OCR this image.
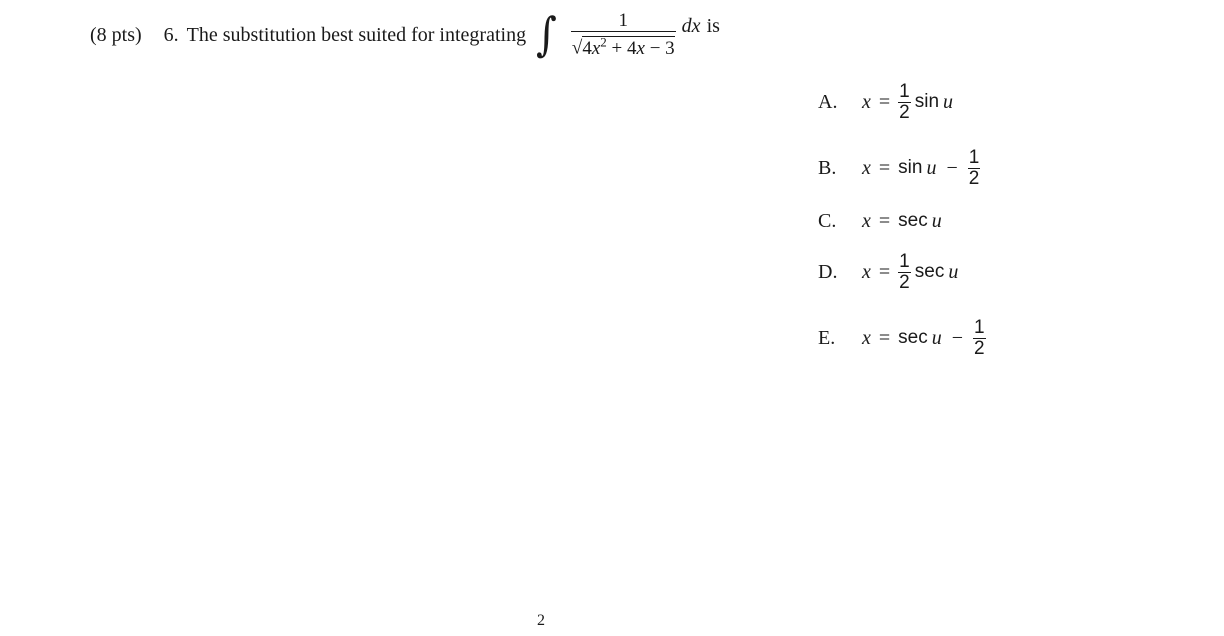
(8 pts) 6. The substitution best suited for integrating ∫ $\frac{1}{√4x^2 + 4x - 3}$ dx is
A.	$x = \frac{1}{2}$ sin u
B.	$x = \sin u - \frac{1}{2}$
C.	x = sec u
D.	$x = \frac{1}{2}$ sec u
E.	$x = \sec u - \frac{1}{2}$
2
